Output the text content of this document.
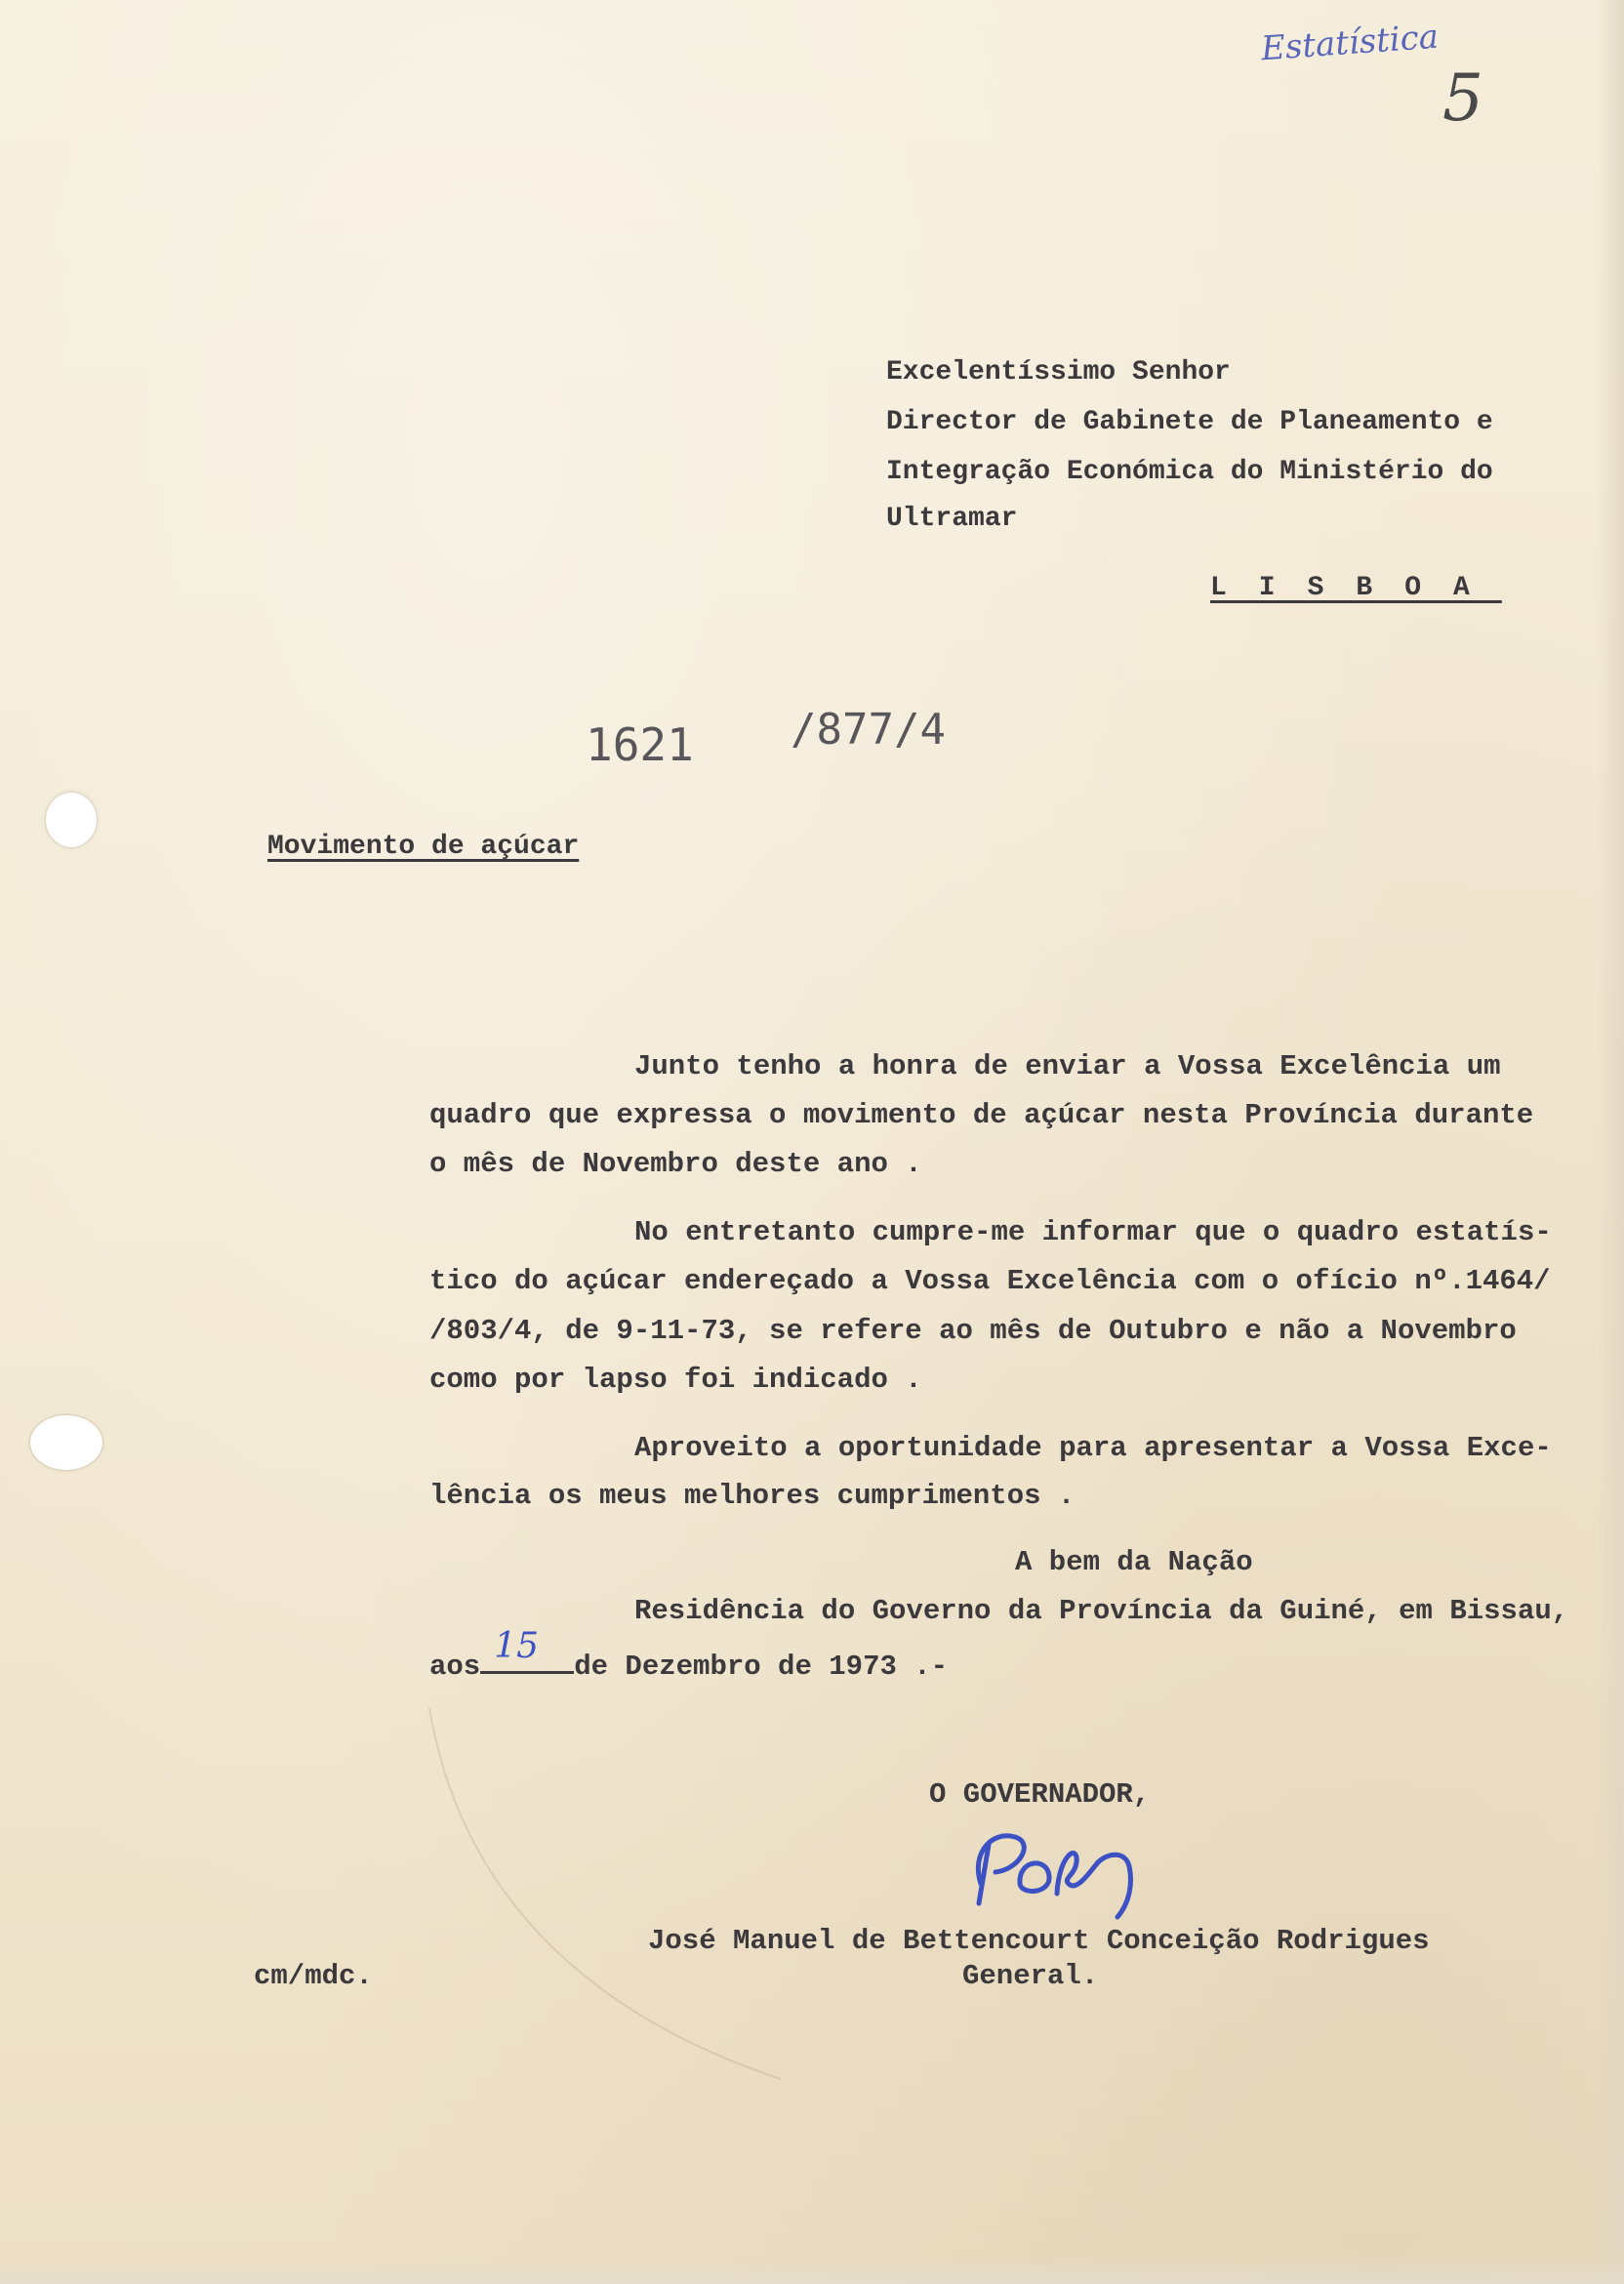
Estatística
5
Excelentíssimo Senhor
Director de Gabinete de Planeamento e
Integração Económica do Ministério do
Ultramar
LISBOA
1621 /877/4
Movimento de açúcar
Junto tenho a honra de enviar a Vossa Excelência um
quadro que expressa o movimento de açúcar nesta Província durante
o mês de Novembro deste ano .
No entretanto cumpre-me informar que o quadro estatís-
tico do açúcar endereçado a Vossa Excelência com o ofício nº.1464/
/803/4, de 9-11-73, se refere ao mês de Outubro e não a Novembro
como por lapso foi indicado .
Aproveito a oportunidade para apresentar a Vossa Exce-
lência os meus melhores cumprimentos .
A bem da Nação
Residência do Governo da Província da Guiné, em Bissau,
aos
15
de Dezembro de 1973 .-
O GOVERNADOR,
José Manuel de Bettencourt Conceição Rodrigues
General.
cm/mdc.
